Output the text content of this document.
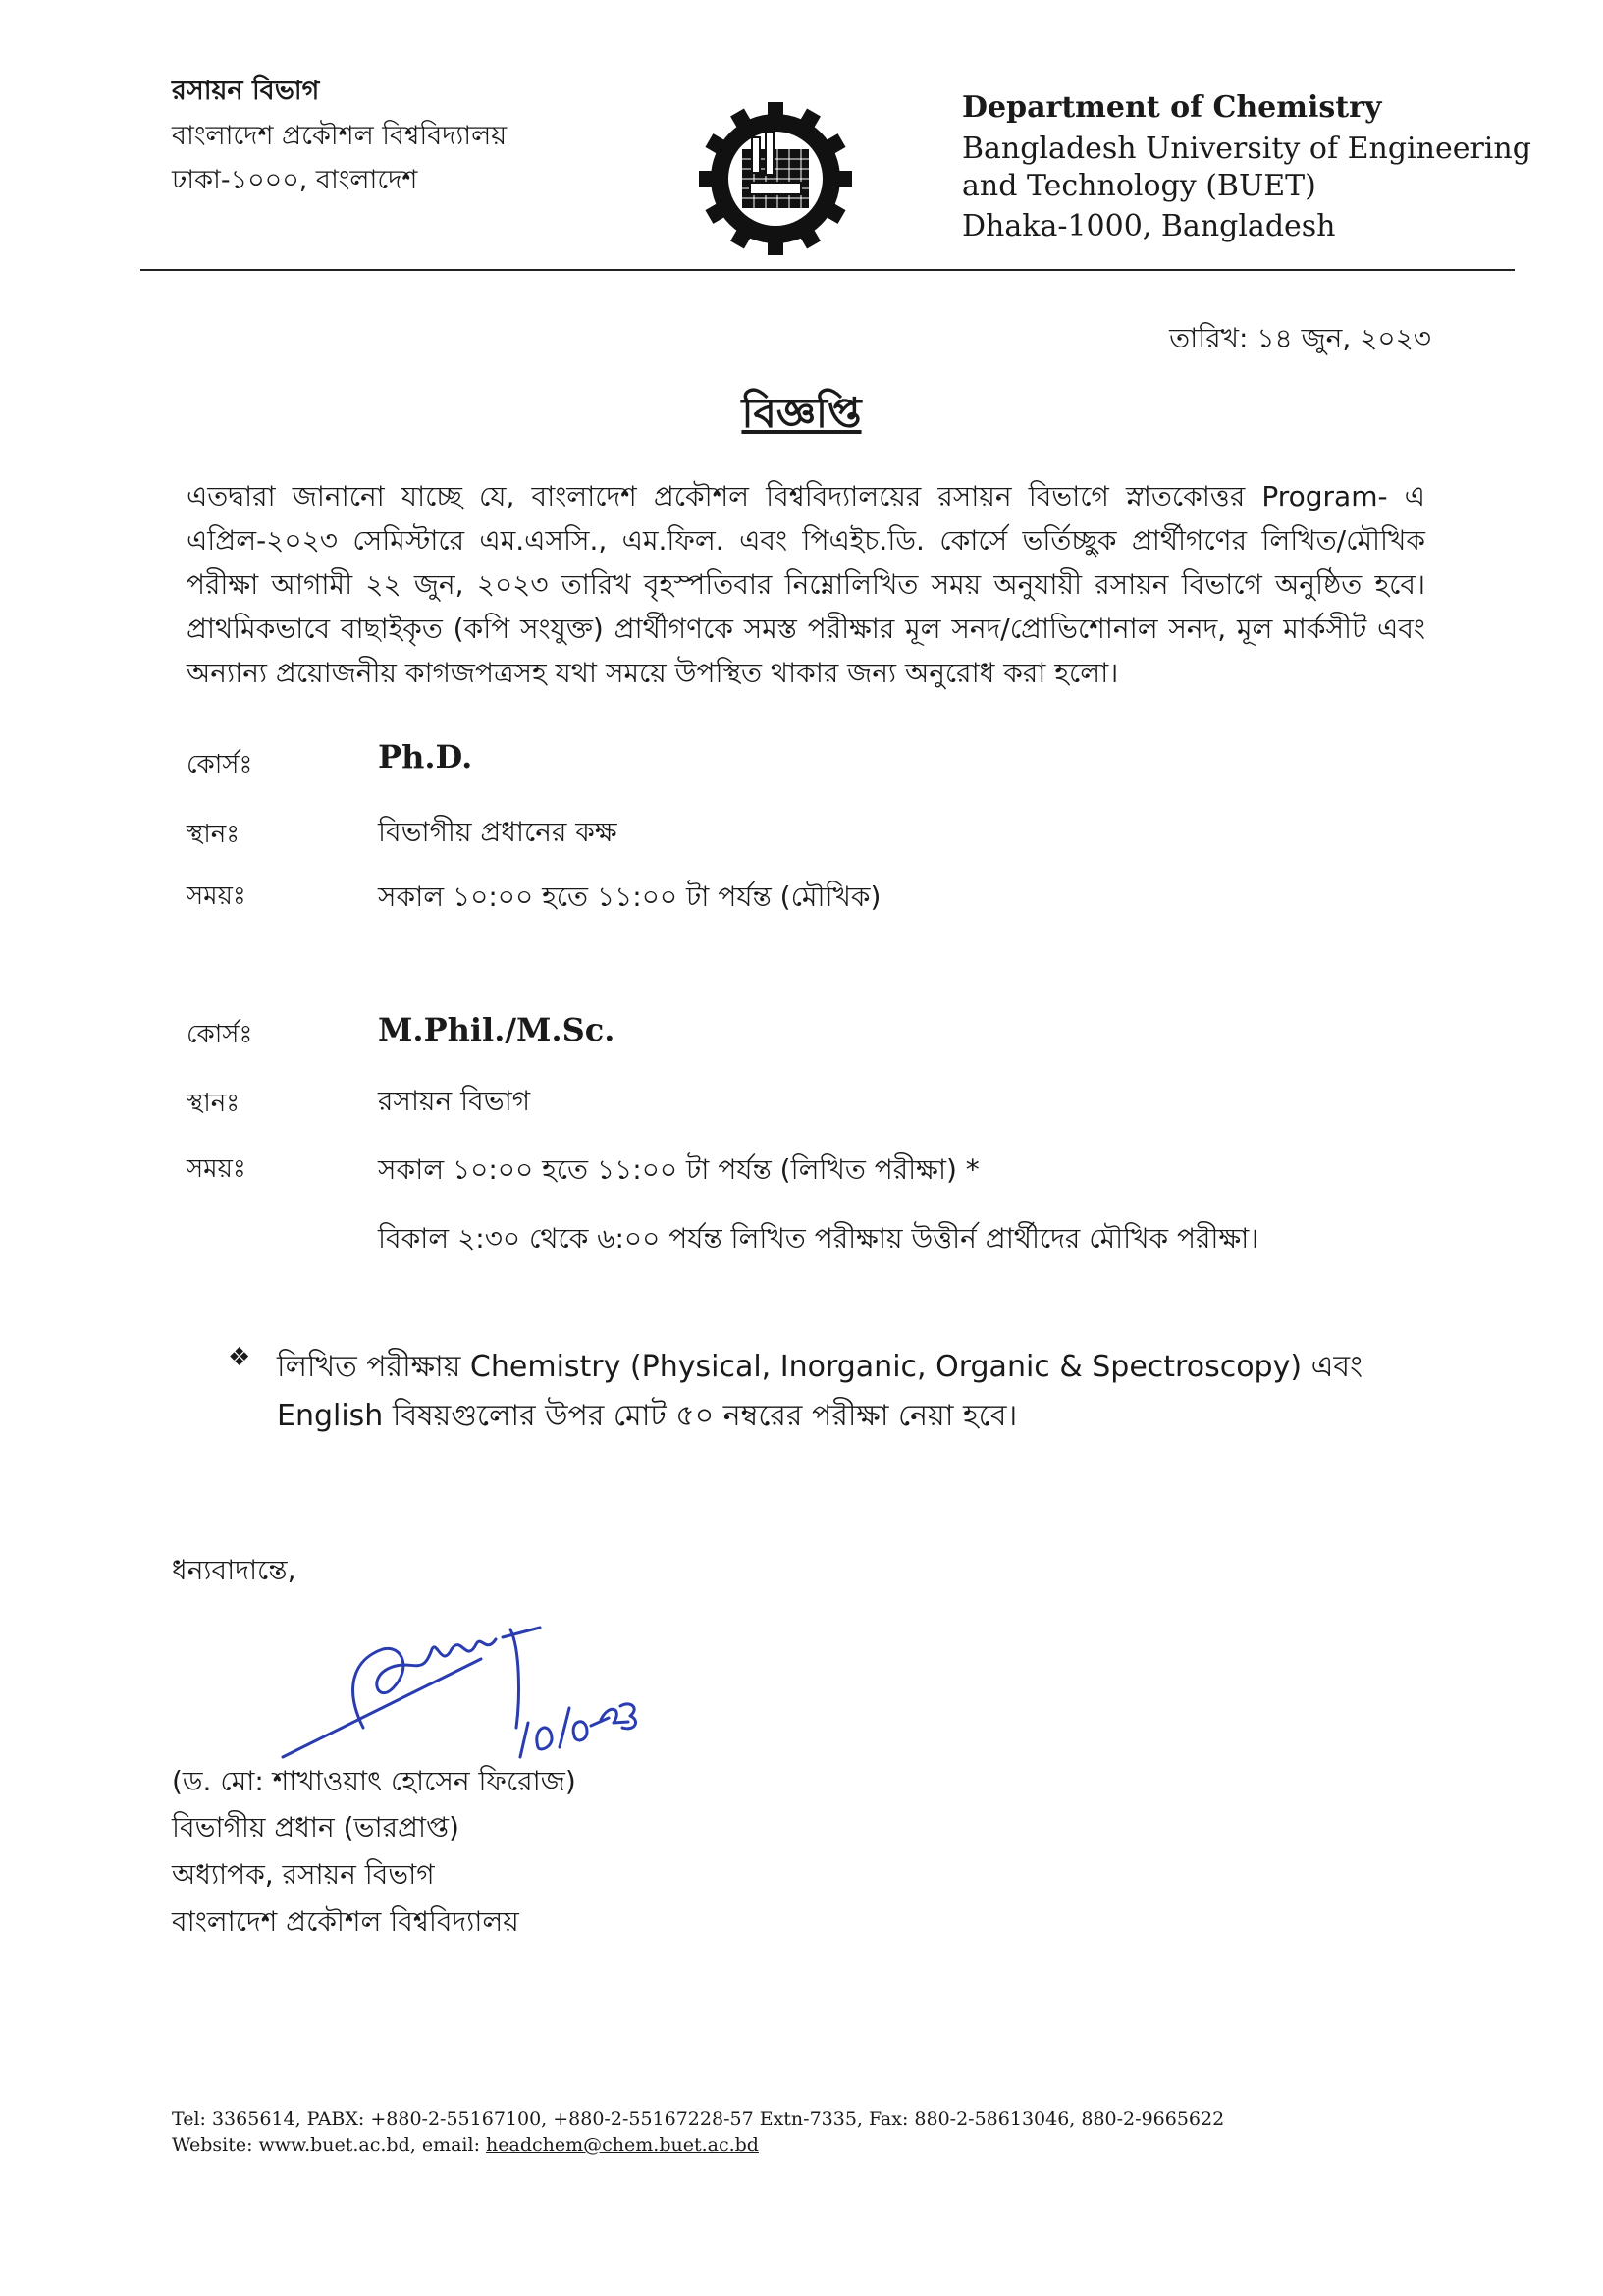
রসায়ন বিভাগ
বাংলাদেশ প্রকৌশল বিশ্ববিদ্যালয়
ঢাকা-১০০০, বাংলাদেশ
Department of Chemistry
Bangladesh University of Engineering
and Technology (BUET)
Dhaka-1000, Bangladesh
তারিখ: ১৪ জুন, ২০২৩
বিজ্ঞপ্তি
এতদ্বারা জানানো যাচ্ছে যে, বাংলাদেশ প্রকৌশল বিশ্ববিদ্যালয়ের রসায়ন বিভাগে স্নাতকোত্তর Program- এ এপ্রিল-২০২৩ সেমিস্টারে এম.এসসি., এম.ফিল. এবং পিএইচ.ডি. কোর্সে ভর্তিচ্ছুক প্রার্থীগণের লিখিত/মৌখিক পরীক্ষা আগামী ২২ জুন, ২০২৩ তারিখ বৃহস্পতিবার নিম্নোলিখিত সময় অনুযায়ী রসায়ন বিভাগে অনুষ্ঠিত হবে। প্রাথমিকভাবে বাছাইকৃত (কপি সংযুক্ত) প্রার্থীগণকে সমস্ত পরীক্ষার মূল সনদ/প্রোভিশোনাল সনদ, মূল মার্কসীট এবং অন্যান্য প্রয়োজনীয় কাগজপত্রসহ যথা সময়ে উপস্থিত থাকার জন্য অনুরোধ করা হলো।
কোর্সঃ	Ph.D.
স্থানঃ	বিভাগীয় প্রধানের কক্ষ
সময়ঃ	সকাল ১০:০০ হতে ১১:০০ টা পর্যন্ত (মৌখিক)
কোর্সঃ	M.Phil./M.Sc.
স্থানঃ	রসায়ন বিভাগ
সময়ঃ	সকাল ১০:০০ হতে ১১:০০ টা পর্যন্ত (লিখিত পরীক্ষা) *
বিকাল ২:৩০ থেকে ৬:০০ পর্যন্ত লিখিত পরীক্ষায় উত্তীর্ন প্রার্থীদের মৌখিক পরীক্ষা।
❖ লিখিত পরীক্ষায় Chemistry (Physical, Inorganic, Organic & Spectroscopy) এবং English বিষয়গুলোর উপর মোট ৫০ নম্বরের পরীক্ষা নেয়া হবে।
ধন্যবাদান্তে,
(ড. মো: শাখাওয়াৎ হোসেন ফিরোজ)
বিভাগীয় প্রধান (ভারপ্রাপ্ত)
অধ্যাপক, রসায়ন বিভাগ
বাংলাদেশ প্রকৌশল বিশ্ববিদ্যালয়
Tel: 3365614, PABX: +880-2-55167100, +880-2-55167228-57 Extn-7335, Fax: 880-2-58613046, 880-2-9665622
Website: www.buet.ac.bd, email: headchem@chem.buet.ac.bd
